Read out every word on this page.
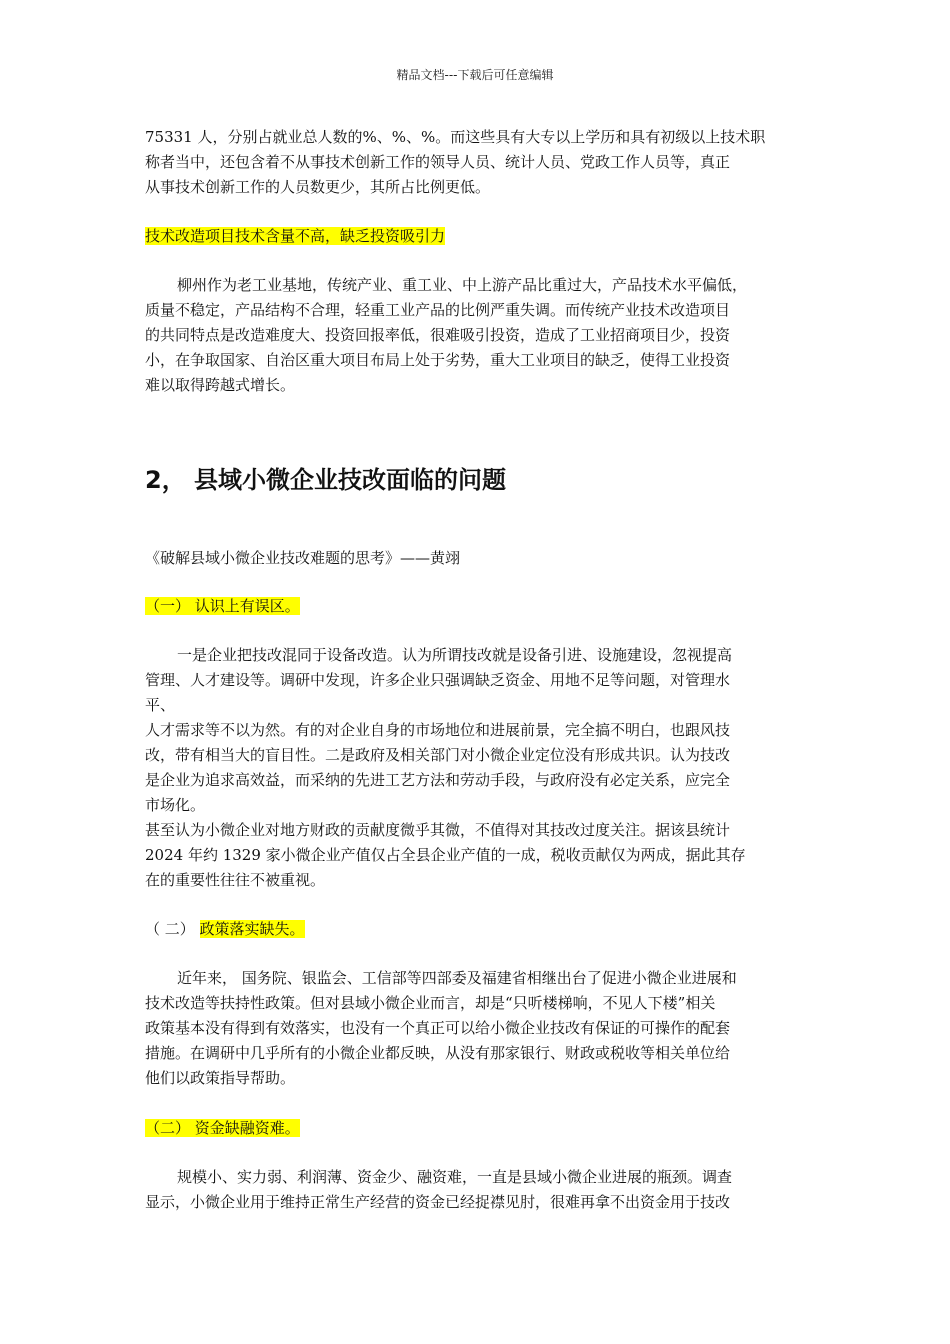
精品文档---下载后可任意编辑
75331 人，分别占就业总人数的%、%、%。而这些具有大专以上学历和具有初级以上技术职
称者当中，还包含着不从事技术创新工作的领导人员、统计人员、党政工作人员等，真正
从事技术创新工作的人员数更少，其所占比例更低。
技术改造项目技术含量不高，缺乏投资吸引力
柳州作为老工业基地，传统产业、重工业、中上游产品比重过大，产品技术水平偏低，
质量不稳定，产品结构不合理，轻重工业产品的比例严重失调。而传统产业技术改造项目
的共同特点是改造难度大、投资回报率低，很难吸引投资，造成了工业招商项目少，投资
小，在争取国家、自治区重大项目布局上处于劣势，重大工业项目的缺乏，使得工业投资
难以取得跨越式增长。
2， 县域小微企业技改面临的问题
《破解县域小微企业技改难题的思考》——黄翊
（一） 认识上有误区。
一是企业把技改混同于设备改造。认为所谓技改就是设备引进、设施建设，忽视提高
管理、人才建设等。调研中发现，许多企业只强调缺乏资金、用地不足等问题，对管理水
平、
人才需求等不以为然。有的对企业自身的市场地位和进展前景，完全搞不明白，也跟风技
改，带有相当大的盲目性。二是政府及相关部门对小微企业定位没有形成共识。认为技改
是企业为追求高效益，而采纳的先进工艺方法和劳动手段，与政府没有必定关系，应完全
市场化。
甚至认为小微企业对地方财政的贡献度微乎其微，不值得对其技改过度关注。据该县统计
2024 年约 1329 家小微企业产值仅占全县企业产值的一成，税收贡献仅为两成，据此其存
在的重要性往往不被重视。
（ 二） 政策落实缺失。
近年来， 国务院、银监会、工信部等四部委及福建省相继出台了促进小微企业进展和
技术改造等扶持性政策。但对县域小微企业而言，却是“只听楼梯响，不见人下楼”相关
政策基本没有得到有效落实，也没有一个真正可以给小微企业技改有保证的可操作的配套
措施。在调研中几乎所有的小微企业都反映，从没有那家银行、财政或税收等相关单位给
他们以政策指导帮助。
（二） 资金缺融资难。
规模小、实力弱、利润薄、资金少、融资难，一直是县域小微企业进展的瓶颈。调查
显示，小微企业用于维持正常生产经营的资金已经捉襟见肘，很难再拿不出资金用于技改
